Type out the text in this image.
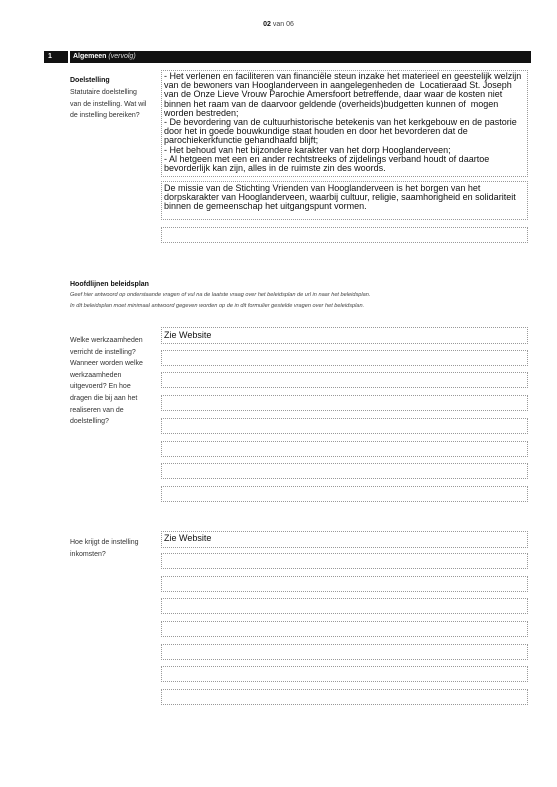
02 van 06
1	Algemeen (vervolg)
Doelstelling
Statutaire doelstelling van de instelling. Wat wil de instelling bereiken?
- Het verlenen en faciliteren van financiële steun inzake het materieel en geestelijk welzijn van de bewoners van Hooglanderveen in aangelegenheden de  Locatieraad St. Joseph van de Onze Lieve Vrouw Parochie Amersfoort betreffende, daar waar de kosten niet binnen het raam van de daarvoor geldende (overheids)budgetten kunnen of  mogen worden bestreden;
- De bevordering van de cultuurhistorische betekenis van het kerkgebouw en de pastorie door het in goede bouwkundige staat houden en door het bevorderen dat de parochiekerkfunctie gehandhaafd blijft;
- Het behoud van het bijzondere karakter van het dorp Hooglanderveen;
- Al hetgeen met een en ander rechtstreeks of zijdelings verband houdt of daartoe bevorderlijk kan zijn, alles in de ruimste zin des woords.
De missie van de Stichting Vrienden van Hooglanderveen is het borgen van het dorpskarakter van Hooglanderveen, waarbij cultuur, religie, saamhorigheid en solidariteit binnen de gemeenschap het uitgangspunt vormen.
Hoofdlijnen beleidsplan
Geef hier antwoord op onderstaande vragen of vul na de laatste vraag over het beleidsplan de url in naar het beleidsplan.
In dit beleidsplan moet minimaal antwoord gegeven worden op de in dit formulier gestelde vragen over het beleidsplan.
Welke werkzaamheden verricht de instelling? Wanneer worden welke werkzaamheden uitgevoerd? En hoe dragen die bij aan het realiseren van de doelstelling?
Zie Website
Hoe krijgt de instelling inkomsten?
Zie Website
